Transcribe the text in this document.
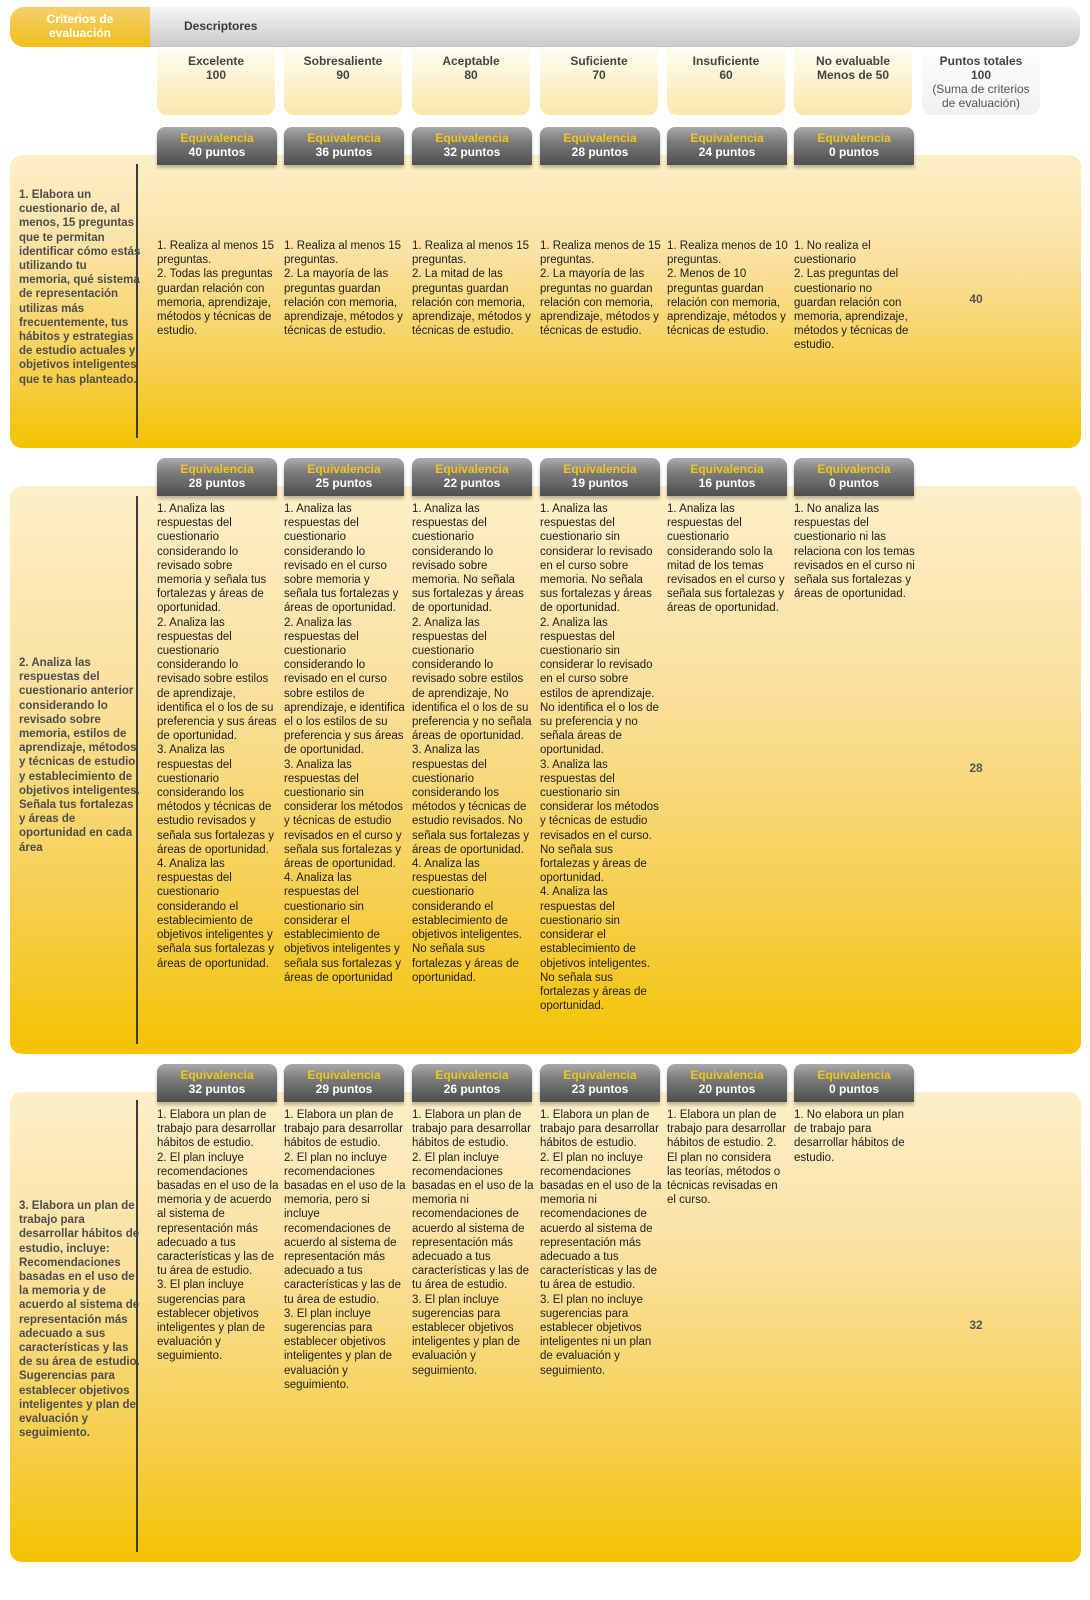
Criterios de
evaluación	Descriptores
Excelente
100
Sobresaliente
90
Aceptable
80
Suficiente
70
Insuficiente
60
No evaluable
Menos de 50
Puntos totales
100
(Suma de criterios de evaluación)
Equivalencia
40 puntos
Equivalencia
36 puntos
Equivalencia
32 puntos
Equivalencia
28 puntos
Equivalencia
24 puntos
Equivalencia
0 puntos
1. Elabora un cuestionario de, al menos, 15 preguntas que te permitan identificar cómo estás utilizando tu memoria, qué sistema de representación utilizas más frecuentemente, tus hábitos y estrategias de estudio actuales y objetivos inteligentes que te has planteado.
1. Realiza al menos 15 preguntas.
2. Todas las preguntas guardan relación con memoria, aprendizaje, métodos y técnicas de estudio.
1. Realiza al menos 15 preguntas.
2. La mayoría de las preguntas guardan relación con memoria, aprendizaje, métodos y técnicas de estudio.
1. Realiza al menos 15 preguntas.
2. La mitad de las preguntas guardan relación con memoria, aprendizaje, métodos y técnicas de estudio.
1. Realiza menos de 15 preguntas.
2. La mayoría de las preguntas no guardan relación con memoria, aprendizaje, métodos y técnicas de estudio.
1. Realiza menos de 10 preguntas.
2. Menos de 10 preguntas guardan relación con memoria, aprendizaje, métodos y técnicas de estudio.
1. No realiza el cuestionario
2. Las preguntas del cuestionario no guardan relación con memoria, aprendizaje, métodos y técnicas de estudio.
40
Equivalencia
28 puntos
Equivalencia
25 puntos
Equivalencia
22 puntos
Equivalencia
19 puntos
Equivalencia
16 puntos
Equivalencia
0 puntos
2. Analiza las respuestas del cuestionario anterior considerando lo revisado sobre memoria, estilos de aprendizaje, métodos y técnicas de estudio y establecimiento de objetivos inteligentes. Señala tus fortalezas y áreas de oportunidad en cada área
1. Analiza las respuestas del cuestionario considerando lo revisado sobre memoria y señala tus fortalezas y áreas de oportunidad.
2. Analiza las respuestas del cuestionario considerando lo revisado sobre estilos de aprendizaje, identifica el o los de su preferencia y sus áreas de oportunidad.
3. Analiza las respuestas del cuestionario considerando los métodos y técnicas de estudio revisados y señala sus fortalezas y áreas de oportunidad.
4. Analiza las respuestas del cuestionario considerando el establecimiento de objetivos inteligentes y señala sus fortalezas y áreas de oportunidad.
1. Analiza las respuestas del cuestionario considerando lo revisado en el curso sobre memoria y señala tus fortalezas y áreas de oportunidad.
2. Analiza las respuestas del cuestionario considerando lo revisado en el curso sobre estilos de aprendizaje, e identifica el o los estilos de su preferencia y sus áreas de oportunidad.
3. Analiza las respuestas del cuestionario sin considerar los métodos y técnicas de estudio revisados en el curso y señala sus fortalezas y áreas de oportunidad.
4. Analiza las respuestas del cuestionario sin considerar el establecimiento de objetivos inteligentes y señala sus fortalezas y áreas de oportunidad
1. Analiza las respuestas del cuestionario considerando lo revisado sobre memoria. No señala sus fortalezas y áreas de oportunidad.
2. Analiza las respuestas del cuestionario considerando lo revisado sobre estilos de aprendizaje, No identifica el o los de su preferencia y no señala áreas de oportunidad.
3. Analiza las respuestas del cuestionario considerando los métodos y técnicas de estudio revisados. No señala sus fortalezas y áreas de oportunidad.
4. Analiza las respuestas del cuestionario considerando el establecimiento de objetivos inteligentes. No señala sus fortalezas y áreas de oportunidad.
1. Analiza las respuestas del cuestionario sin considerar lo revisado en el curso sobre memoria. No señala sus fortalezas y áreas de oportunidad.
2. Analiza las respuestas del cuestionario sin considerar lo revisado en el curso sobre estilos de aprendizaje. No identifica el o los de su preferencia y no señala áreas de oportunidad.
3. Analiza las respuestas del cuestionario sin considerar los métodos y técnicas de estudio revisados en el curso. No señala sus fortalezas y áreas de oportunidad.
4. Analiza las respuestas del cuestionario sin considerar el establecimiento de objetivos inteligentes. No señala sus fortalezas y áreas de oportunidad.
1. Analiza las respuestas del cuestionario considerando solo la mitad de los temas revisados en el curso y señala sus fortalezas y áreas de oportunidad.
1. No analiza las respuestas del cuestionario ni las relaciona con los temas revisados en el curso ni señala sus fortalezas y áreas de oportunidad.
28
Equivalencia
32 puntos
Equivalencia
29 puntos
Equivalencia
26 puntos
Equivalencia
23 puntos
Equivalencia
20 puntos
Equivalencia
0 puntos
3. Elabora un plan de trabajo para desarrollar hábitos de estudio, incluye: Recomendaciones basadas en el uso de la memoria y de acuerdo al sistema de representación más adecuado a sus características y las de su área de estudio. Sugerencias para establecer objetivos inteligentes y plan de evaluación y seguimiento.
1. Elabora un plan de trabajo para desarrollar hábitos de estudio.
2. El plan incluye recomendaciones basadas en el uso de la memoria y de acuerdo al sistema de representación más adecuado a tus características y las de tu área de estudio.
3. El plan incluye sugerencias para establecer objetivos inteligentes y plan de evaluación y seguimiento.
1. Elabora un plan de trabajo para desarrollar hábitos de estudio.
2. El plan no incluye recomendaciones basadas en el uso de la memoria, pero si incluye recomendaciones de acuerdo al sistema de representación más adecuado a tus características y las de tu área de estudio.
3. El plan incluye sugerencias para establecer objetivos inteligentes y plan de evaluación y seguimiento.
1. Elabora un plan de trabajo para desarrollar hábitos de estudio.
2. El plan incluye recomendaciones basadas en el uso de la memoria ni recomendaciones de acuerdo al sistema de representación más adecuado a tus características y las de tu área de estudio.
3. El plan incluye sugerencias para establecer objetivos inteligentes y plan de evaluación y seguimiento.
1. Elabora un plan de trabajo para desarrollar hábitos de estudio.
2. El plan no incluye recomendaciones basadas en el uso de la memoria ni recomendaciones de acuerdo al sistema de representación más adecuado a tus características y las de tu área de estudio.
3. El plan no incluye sugerencias para establecer objetivos inteligentes ni un plan de evaluación y seguimiento.
1. Elabora un plan de trabajo para desarrollar hábitos de estudio. 2. El plan no considera las teorías, métodos o técnicas revisadas en el curso.
1. No elabora un plan de trabajo para desarrollar hábitos de estudio.
32
